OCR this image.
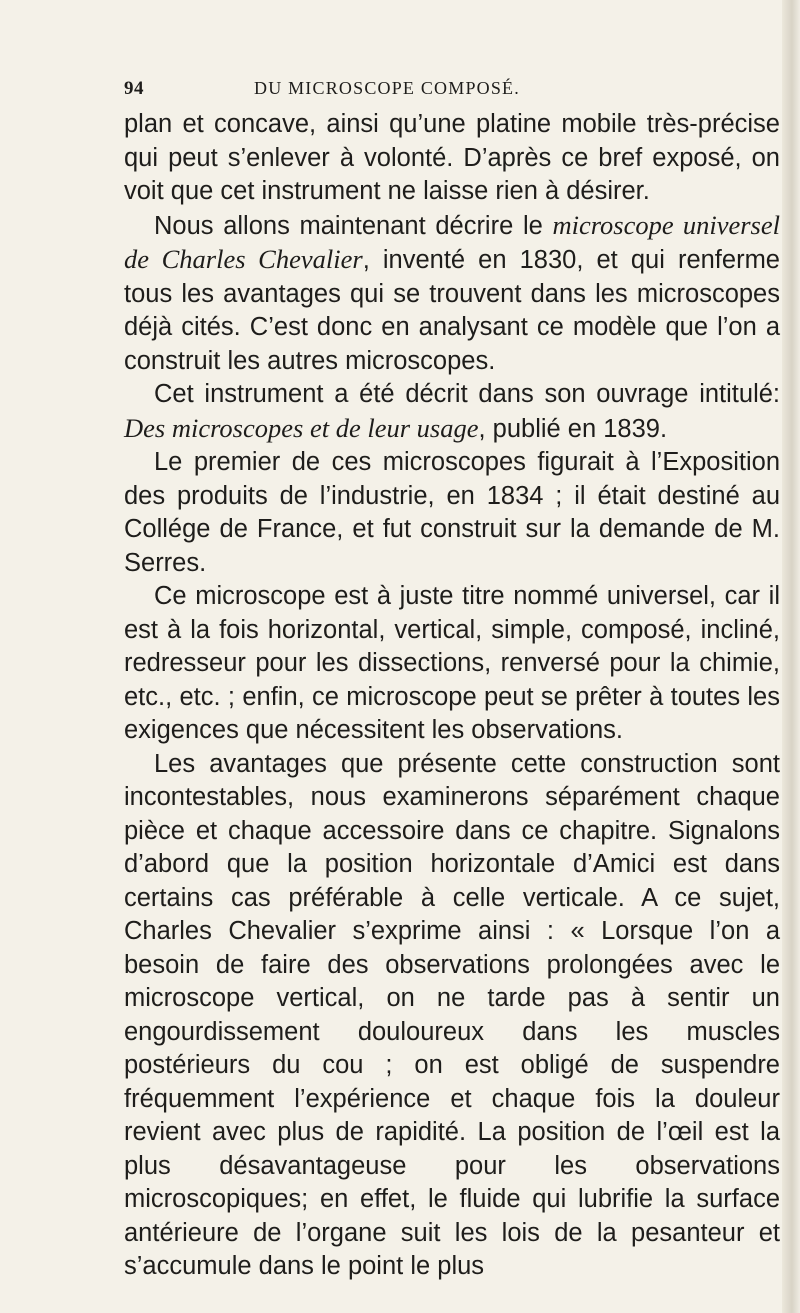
94	DU MICROSCOPE COMPOSÉ.

plan et concave, ainsi qu’une platine mobile très-précise qui peut s’enlever à volonté. D’après ce bref exposé, on voit que cet instrument ne laisse rien à désirer.

Nous allons maintenant décrire le microscope universel de Charles Chevalier, inventé en 1830, et qui renferme tous les avantages qui se trouvent dans les microscopes déjà cités. C’est donc en analysant ce modèle que l’on a construit les autres microscopes.

Cet instrument a été décrit dans son ouvrage intitulé: Des microscopes et de leur usage, publié en 1839.

Le premier de ces microscopes figurait à l’Exposition des produits de l’industrie, en 1834 ; il était destiné au Collége de France, et fut construit sur la demande de M. Serres.

Ce microscope est à juste titre nommé universel, car il est à la fois horizontal, vertical, simple, composé, incliné, redresseur pour les dissections, renversé pour la chimie, etc., etc. ; enfin, ce microscope peut se prêter à toutes les exigences que nécessitent les observations.

Les avantages que présente cette construction sont incontestables, nous examinerons séparément chaque pièce et chaque accessoire dans ce chapitre. Signalons d’abord que la position horizontale d’Amici est dans certains cas préférable à celle verticale. A ce sujet, Charles Chevalier s’exprime ainsi : « Lorsque l’on a besoin de faire des observations prolongées avec le microscope vertical, on ne tarde pas à sentir un engourdissement douloureux dans les muscles postérieurs du cou ; on est obligé de suspendre fréquemment l’expérience et chaque fois la douleur revient avec plus de rapidité. La position de l’œil est la plus désavantageuse pour les observations microscopiques; en effet, le fluide qui lubrifie la surface antérieure de l’organe suit les lois de la pesanteur et s’accumule dans le point le plus
